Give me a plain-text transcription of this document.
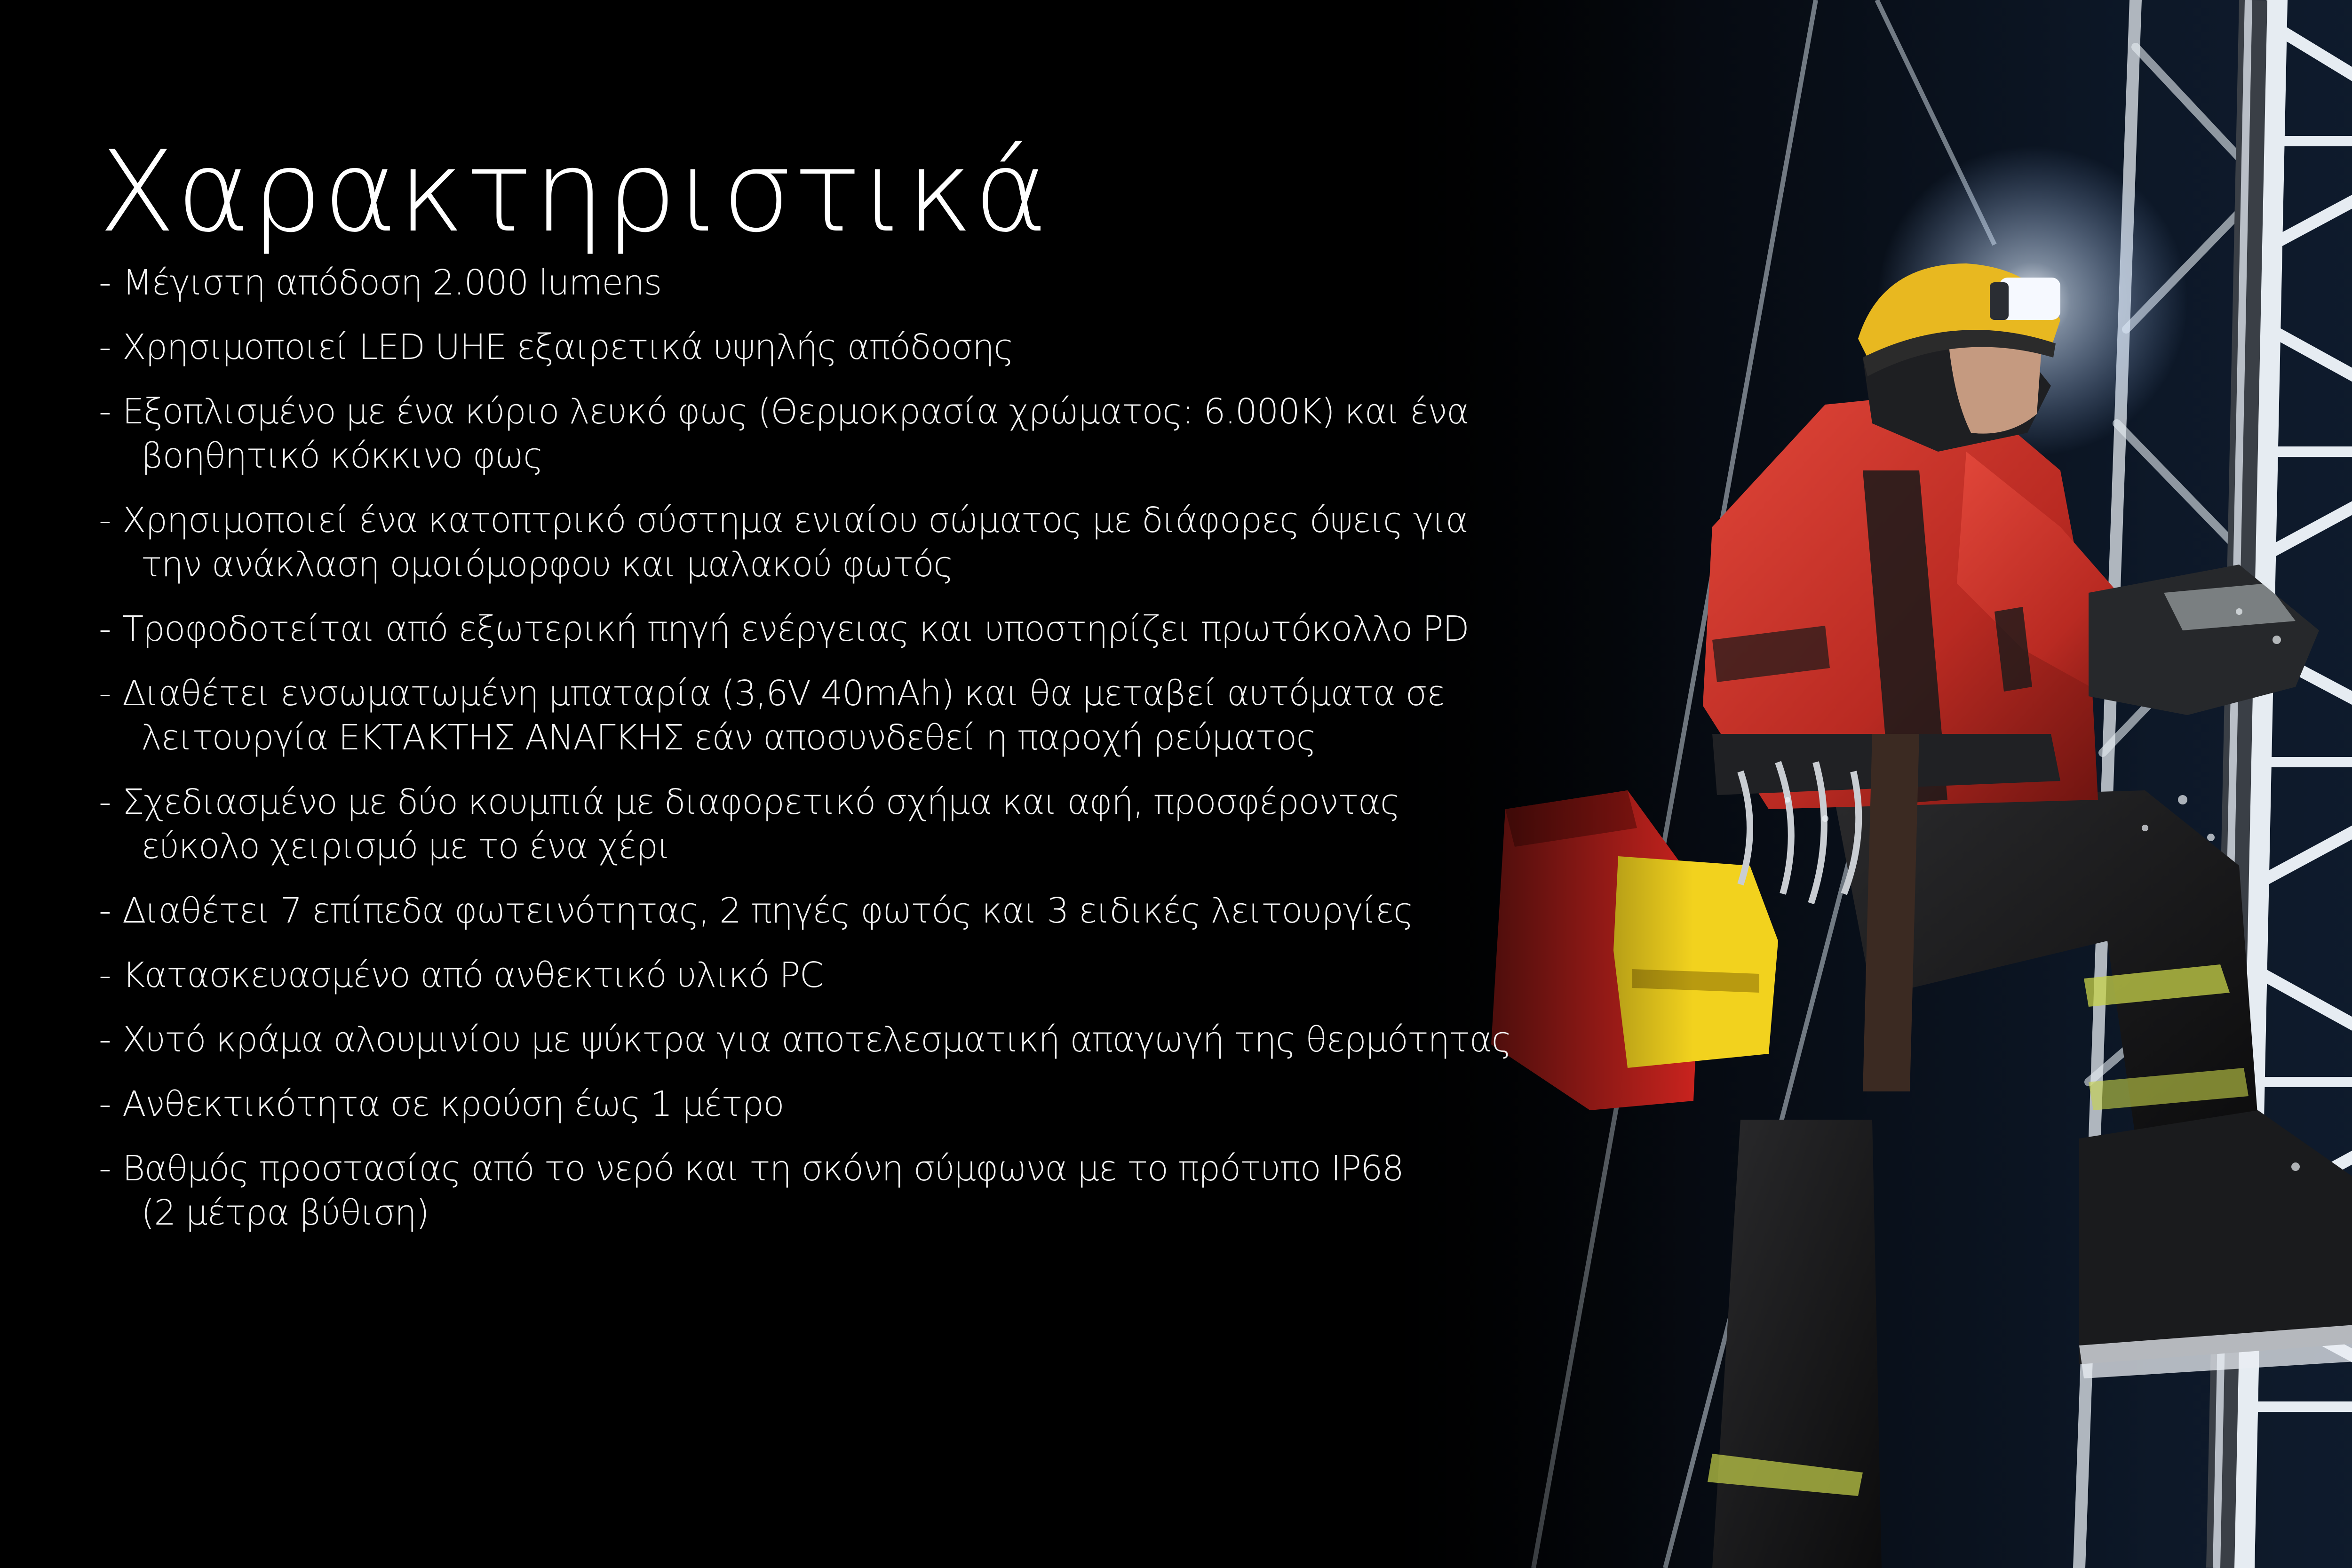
Χαρακτηριστικά
- Μέγιστη απόδοση 2.000 lumens
- Χρησιμοποιεί LED UHE εξαιρετικά υψηλής απόδοσης
- Εξοπλισμένο με ένα κύριο λευκό φως (Θερμοκρασία χρώματος: 6.000K) και ένα
βοηθητικό κόκκινο φως
- Χρησιμοποιεί ένα κατοπτρικό σύστημα ενιαίου σώματος με διάφορες όψεις για
την ανάκλαση ομοιόμορφου και μαλακού φωτός
- Τροφοδοτείται από εξωτερική πηγή ενέργειας και υποστηρίζει πρωτόκολλο PD
- Διαθέτει ενσωματωμένη μπαταρία (3,6V 40mAh) και θα μεταβεί αυτόματα σε
λειτουργία ΕΚΤΑΚΤΗΣ ΑΝΑΓΚΗΣ εάν αποσυνδεθεί η παροχή ρεύματος
- Σχεδιασμένο με δύο κουμπιά με διαφορετικό σχήμα και αφή, προσφέροντας
εύκολο χειρισμό με το ένα χέρι
- Διαθέτει 7 επίπεδα φωτεινότητας, 2 πηγές φωτός και 3 ειδικές λειτουργίες
- Κατασκευασμένο από ανθεκτικό υλικό PC
- Χυτό κράμα αλουμινίου με ψύκτρα για αποτελεσματική απαγωγή της θερμότητας
- Ανθεκτικότητα σε κρούση έως 1 μέτρο
- Βαθμός προστασίας από το νερό και τη σκόνη σύμφωνα με το πρότυπο IP68
(2 μέτρα βύθιση)
